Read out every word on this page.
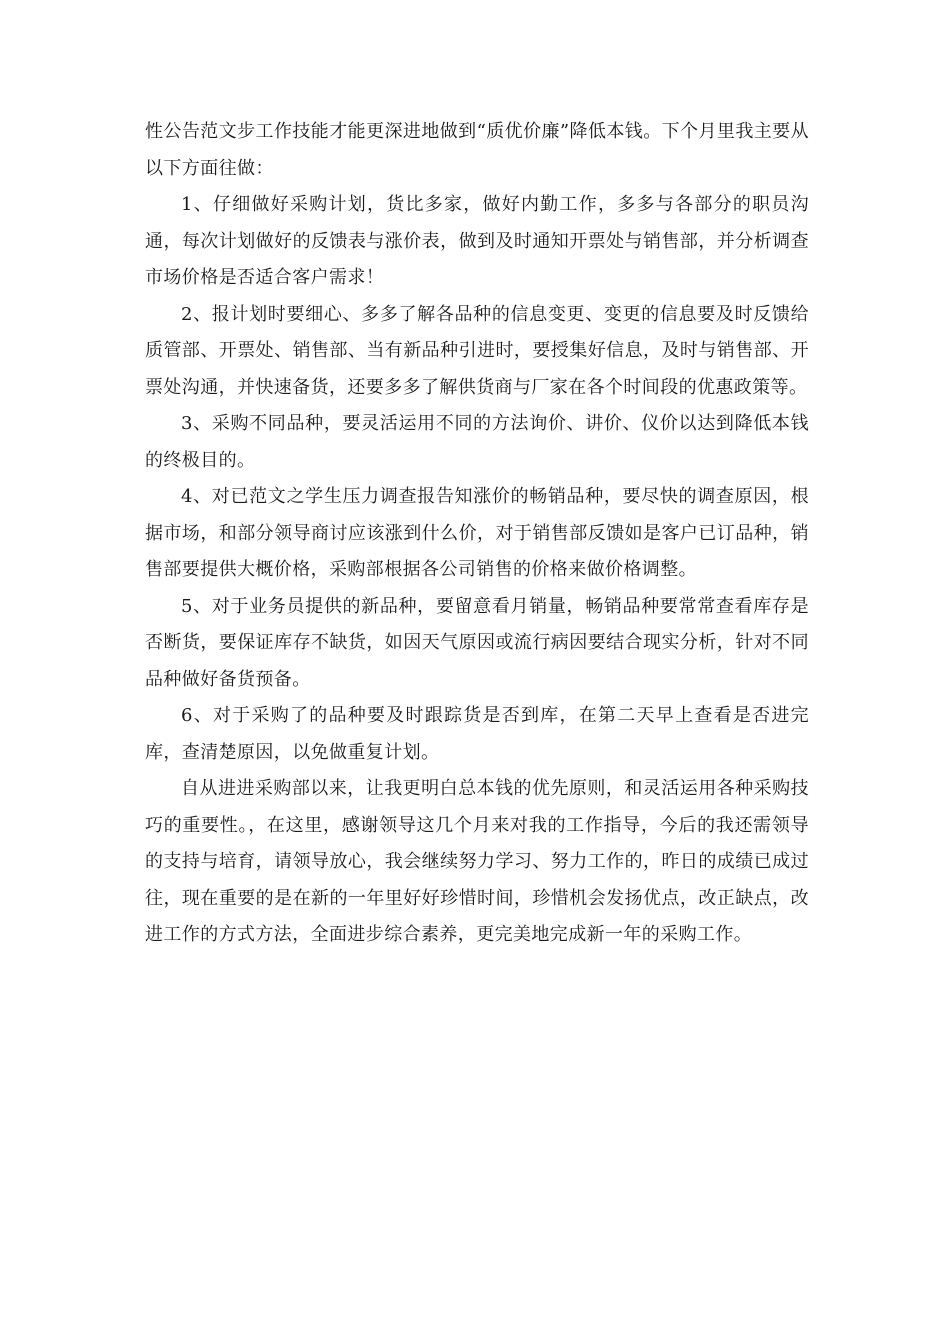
性公告范文步工作技能才能更深进地做到“质优价廉”降低本钱。下个月里我主要从以下方面往做：

1、仔细做好采购计划，货比多家，做好内勤工作，多多与各部分的职员沟通，每次计划做好的反馈表与涨价表，做到及时通知开票处与销售部，并分析调查市场价格是否适合客户需求！

2、报计划时要细心、多多了解各品种的信息变更、变更的信息要及时反馈给质管部、开票处、销售部、当有新品种引进时，要授集好信息，及时与销售部、开票处沟通，并快速备货，还要多多了解供货商与厂家在各个时间段的优惠政策等。

3、采购不同品种，要灵活运用不同的方法询价、讲价、仪价以达到降低本钱的终极目的。

4、对已范文之学生压力调查报告知涨价的畅销品种，要尽快的调查原因，根据市场，和部分领导商讨应该涨到什么价，对于销售部反馈如是客户已订品种，销售部要提供大概价格，采购部根据各公司销售的价格来做价格调整。

5、对于业务员提供的新品种，要留意看月销量，畅销品种要常常查看库存是否断货，要保证库存不缺货，如因天气原因或流行病因要结合现实分析，针对不同品种做好备货预备。

6、对于采购了的品种要及时跟踪货是否到库，在第二天早上查看是否进完库，查清楚原因，以免做重复计划。

自从进进采购部以来，让我更明白总本钱的优先原则，和灵活运用各种采购技巧的重要性。，在这里，感谢领导这几个月来对我的工作指导，今后的我还需领导的支持与培育，请领导放心，我会继续努力学习、努力工作的，昨日的成绩已成过往，现在重要的是在新的一年里好好珍惜时间，珍惜机会发扬优点，改正缺点，改进工作的方式方法，全面进步综合素养，更完美地完成新一年的采购工作。
